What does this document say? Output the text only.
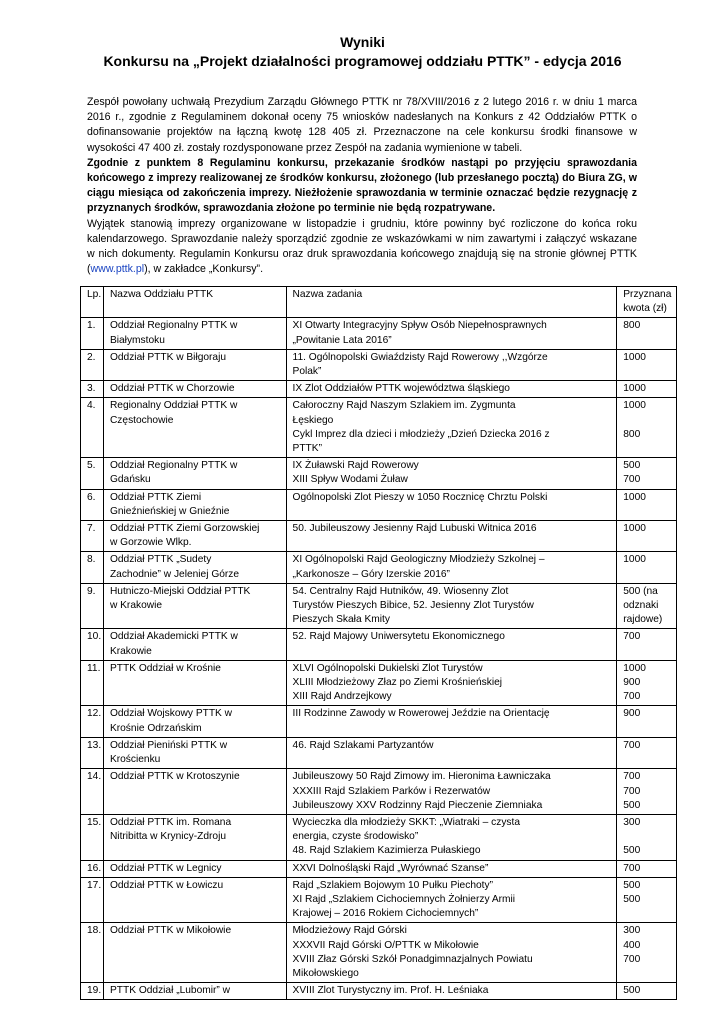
Wyniki
Konkursu na „Projekt działalności programowej oddziału PTTK” - edycja 2016

Zespół powołany uchwałą Prezydium Zarządu Głównego PTTK nr 78/XVIII/2016 z 2 lutego 2016 r. w dniu 1 marca 2016 r., zgodnie z Regulaminem dokonał oceny 75 wniosków nadesłanych na Konkurs z 42 Oddziałów PTTK o dofinansowanie projektów na łączną kwotę 128 405 zł. Przeznaczone na cele konkursu środki finansowe w wysokości 47 400 zł. zostały rozdysponowane przez Zespół na zadania wymienione w tabeli.

Zgodnie z punktem 8 Regulaminu konkursu, przekazanie środków nastąpi po przyjęciu sprawozdania końcowego z imprezy realizowanej ze środków konkursu, złożonego (lub przesłanego pocztą) do Biura ZG, w ciągu miesiąca od zakończenia imprezy. Nieżłożenie sprawozdania w terminie oznaczać będzie rezygnację z przyznanych środków, sprawozdania złożone po terminie nie będą rozpatrywane.

Wyjątek stanowią imprezy organizowane w listopadzie i grudniu, które powinny być rozliczone do końca roku kalendarzowego. Sprawozdanie należy sporządzić zgodnie ze wskazówkami w nim zawartymi i załączyć wskazane w nich dokumenty. Regulamin Konkursu oraz druk sprawozdania końcowego znajdują się na stronie głównej PTTK (www.pttk.pl), w zakładce „Konkursy”.

Lp.	Nazwa Oddziału PTTK	Nazwa zadania	Przyznana
kwota (zł)

1.	Oddział Regionalny PTTK w
Białymstoku	XI Otwarty Integracyjny Spływ Osób Niepełnosprawnych
„Powitanie Lata 2016”	800

2.	Oddział PTTK w Biłgoraju	11. Ogólnopolski Gwiaździsty Rajd Rowerowy ,,Wzgórze
Polak”	1000

3.	Oddział PTTK w Chorzowie	IX Zlot Oddziałów PTTK województwa śląskiego	1000

4.	Regionalny Oddział PTTK w
Częstochowie	Całoroczny Rajd Naszym Szlakiem im. Zygmunta
Łęskiego
Cykl Imprez dla dzieci i młodzieży „Dzień Dziecka 2016 z
PTTK”	1000
800

5.	Oddział Regionalny PTTK w
Gdańsku	IX Żuławski Rajd Rowerowy
XIII Spływ Wodami Żuław	500
700

6.	Oddział PTTK Ziemi
Gnieźnieńskiej w Gnieźnie	Ogólnopolski Zlot Pieszy w 1050 Rocznicę Chrztu Polski	1000

7.	Oddział PTTK Ziemi Gorzowskiej
w Gorzowie Wlkp.	50. Jubileuszowy Jesienny Rajd Lubuski Witnica 2016	1000

8.	Oddział PTTK „Sudety
Zachodnie” w Jeleniej Górze	XI Ogólnopolski Rajd Geologiczny Młodzieży Szkolnej –
„Karkonosze – Góry Izerskie 2016”	1000

9.	Hutniczo-Miejski Oddział PTTK
w Krakowie	54. Centralny Rajd Hutników, 49. Wiosenny Zlot
Turystów Pieszych Bibice, 52. Jesienny Zlot Turystów
Pieszych Skała Kmity	500 (na
odznaki
rajdowe)

10.	Oddział Akademicki PTTK w
Krakowie	52. Rajd Majowy Uniwersytetu Ekonomicznego	700

11.	PTTK Oddział w Krośnie	XLVI Ogólnopolski Dukielski Zlot Turystów
XLIII Młodzieżowy Złaz po Ziemi Krośnieńskiej
XIII Rajd Andrzejkowy	1000
900
700

12.	Oddział Wojskowy PTTK w
Krośnie Odrzańskim	III Rodzinne Zawody w Rowerowej Jeździe na Orientację	900

13.	Oddział Pieniński PTTK w
Krościenku	46. Rajd Szlakami Partyzantów	700

14.	Oddział PTTK w Krotoszynie	Jubileuszowy 50 Rajd Zimowy im. Hieronima Ławniczaka
XXXIII Rajd Szlakiem Parków i Rezerwatów
Jubileuszowy XXV Rodzinny Rajd Pieczenie Ziemniaka	700
700
500

15.	Oddział PTTK im. Romana
Nitribitta w Krynicy-Zdroju	Wycieczka dla młodzieży SKKT: „Wiatraki – czysta
energia, czyste środowisko”
48. Rajd Szlakiem Kazimierza Pułaskiego	300
500

16.	Oddział PTTK w Legnicy	XXVI Dolnośląski Rajd „Wyrównać Szanse”	700

17.	Oddział PTTK w Łowiczu	Rajd „Szlakiem Bojowym 10 Pułku Piechoty”
XI Rajd „Szlakiem Cichociemnych Żołnierzy Armii
Krajowej – 2016 Rokiem Cichociemnych”	500
500

18.	Oddział PTTK w Mikołowie	Młodzieżowy Rajd Górski
XXXVII Rajd Górski O/PTTK w Mikołowie
XVIII Złaz Górski Szkół Ponadgimnazjalnych Powiatu
Mikołowskiego	300
400
700

19.	PTTK Oddział „Lubomir” w	XVIII Zlot Turystyczny im. Prof. H. Leśniaka	500
